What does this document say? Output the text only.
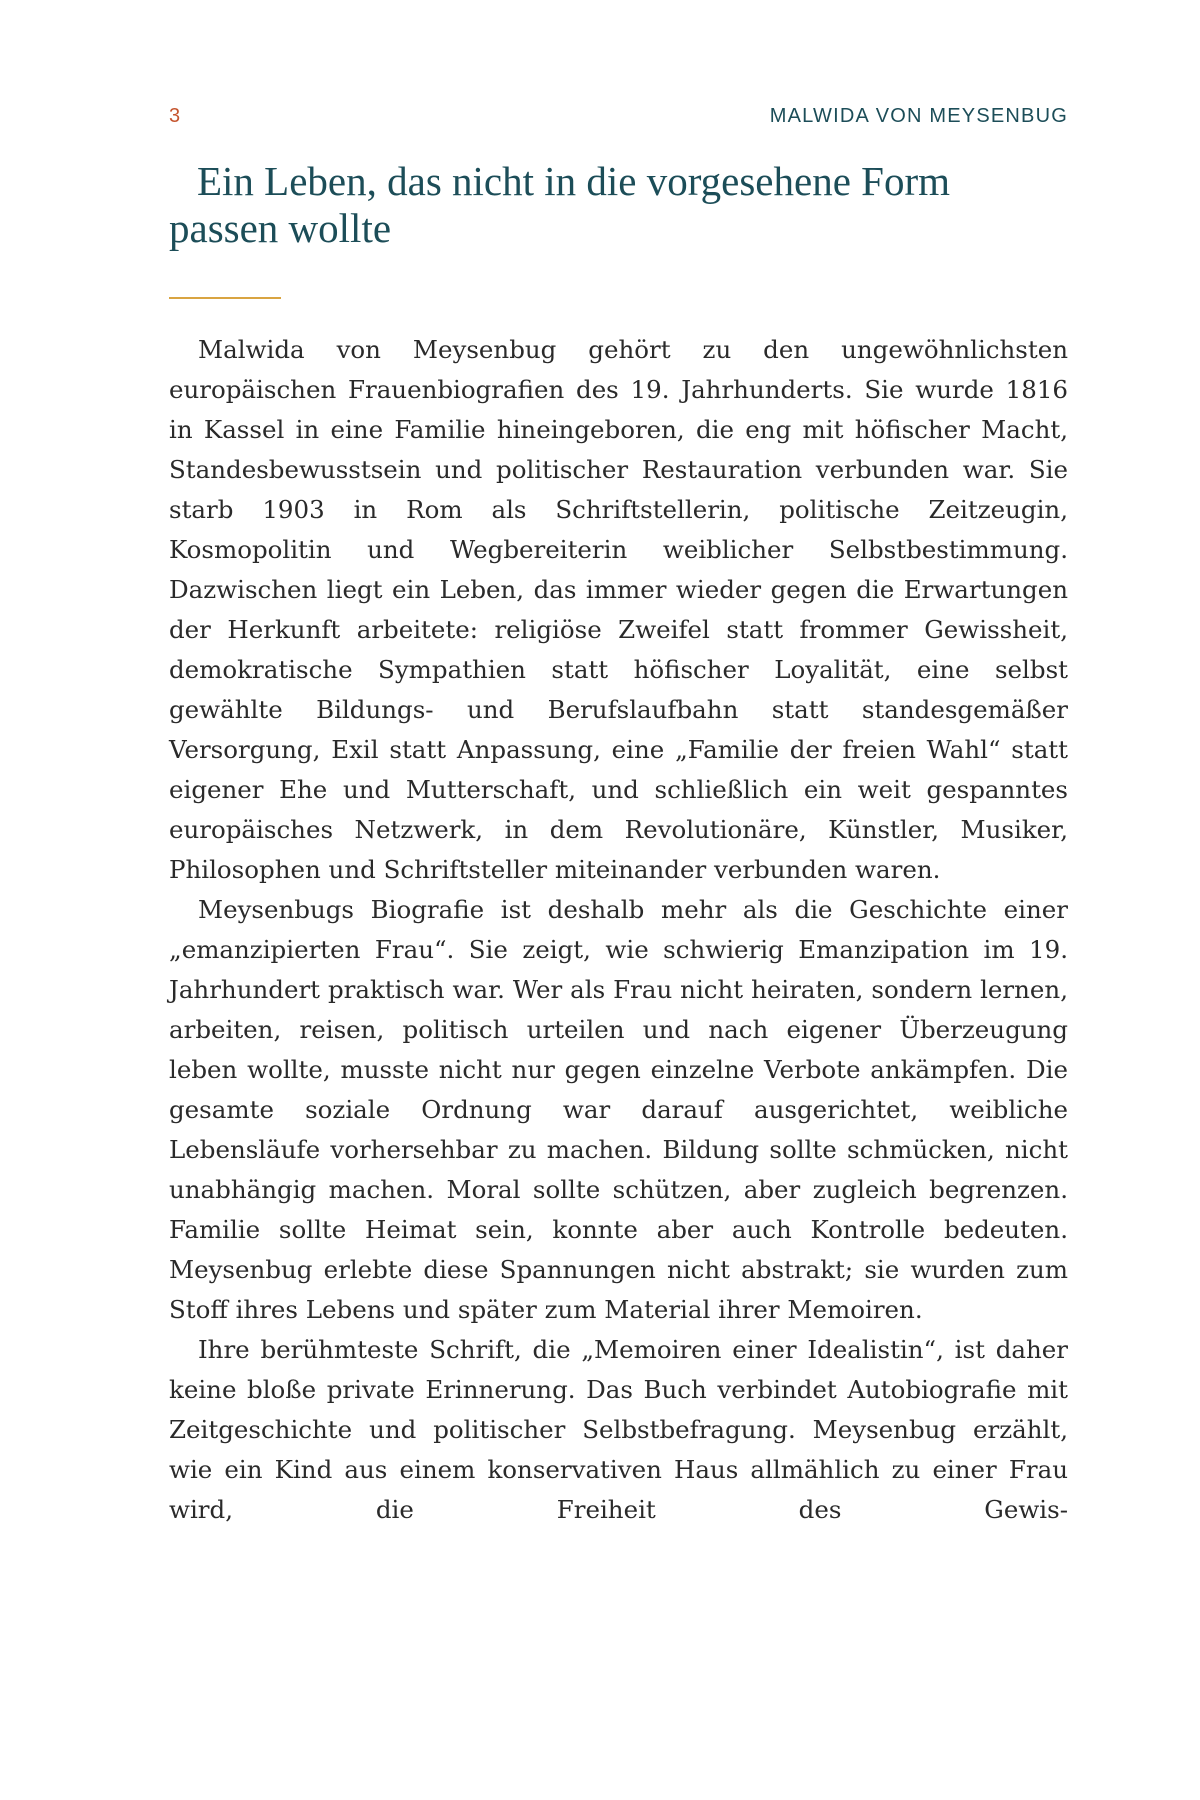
3	MALWIDA VON MEYSENBUG
Ein Leben, das nicht in die vorgesehene Form passen wollte

Malwida von Meysenbug gehört zu den ungewöhnlichsten europäischen Frauenbiografien des 19. Jahrhunderts. Sie wurde 1816 in Kassel in eine Familie hineingeboren, die eng mit höfischer Macht, Standesbewusstsein und politischer Restauration verbunden war. Sie starb 1903 in Rom als Schriftstellerin, politische Zeitzeugin, Kosmopolitin und Wegbereiterin weiblicher Selbstbestimmung. Dazwischen liegt ein Leben, das immer wieder gegen die Erwartungen der Herkunft arbeitete: religiöse Zweifel statt frommer Gewissheit, demokratische Sympathien statt höfischer Loyalität, eine selbst gewählte Bildungs- und Berufslaufbahn statt standesgemäßer Versorgung, Exil statt Anpassung, eine „Familie der freien Wahl“ statt eigener Ehe und Mutterschaft, und schließlich ein weit gespanntes europäisches Netzwerk, in dem Revolutionäre, Künstler, Musiker, Philosophen und Schriftsteller miteinander verbunden waren.

Meysenbugs Biografie ist deshalb mehr als die Geschichte einer „emanzipierten Frau“. Sie zeigt, wie schwierig Emanzipation im 19. Jahrhundert praktisch war. Wer als Frau nicht heiraten, sondern lernen, arbeiten, reisen, politisch urteilen und nach eigener Überzeugung leben wollte, musste nicht nur gegen einzelne Verbote ankämpfen. Die gesamte soziale Ordnung war darauf ausgerichtet, weibliche Lebensläufe vorhersehbar zu machen. Bildung sollte schmücken, nicht unabhängig machen. Moral sollte schützen, aber zugleich begrenzen. Familie sollte Heimat sein, konnte aber auch Kontrolle bedeuten. Meysenbug erlebte diese Spannungen nicht abstrakt; sie wurden zum Stoff ihres Lebens und später zum Material ihrer Memoiren.

Ihre berühmteste Schrift, die „Memoiren einer Idealistin“, ist daher keine bloße private Erinnerung. Das Buch verbindet Autobiografie mit Zeitgeschichte und politischer Selbstbefragung. Meysenbug erzählt, wie ein Kind aus einem konservativen Haus allmählich zu einer Frau wird, die Freiheit des Gewis-
